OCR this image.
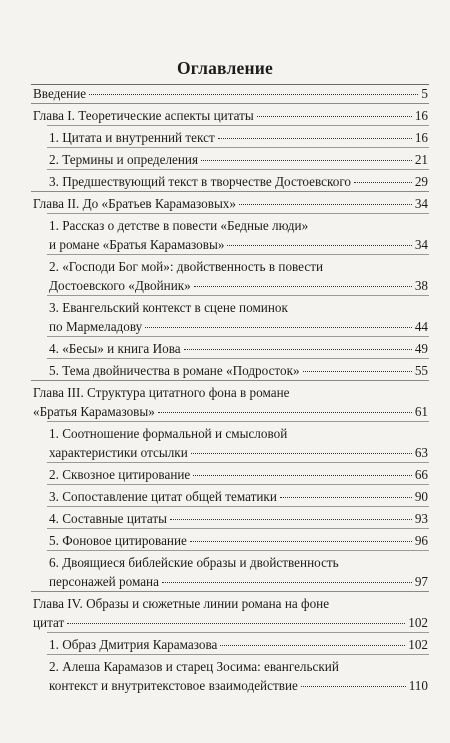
Оглавление
Введение	5
Глава I. Теоретические аспекты цитаты	16
1. Цитата и внутренний текст	16
2. Термины и определения	21
3. Предшествующий текст в творчестве Достоевского	29
Глава II. До «Братьев Карамазовых»	34
1. Рассказ о детстве в повести «Бедные люди»
и романе «Братья Карамазовы»	34
2. «Господи Бог мой»: двойственность в повести
Достоевского «Двойник»	38
3. Евангельский контекст в сцене поминок
по Мармеладову	44
4. «Бесы» и книга Иова	49
5. Тема двойничества в романе «Подросток»	55
Глава III. Структура цитатного фона в романе
«Братья Карамазовы»	61
1. Соотношение формальной и смысловой
характеристики отсылки	63
2. Сквозное цитирование	66
3. Сопоставление цитат общей тематики	90
4. Составные цитаты	93
5. Фоновое цитирование	96
6. Двоящиеся библейские образы и двойственность
персонажей романа	97
Глава IV. Образы и сюжетные линии романа на фоне
цитат	102
1. Образ Дмитрия Карамазова	102
2. Алеша Карамазов и старец Зосима: евангельский
контекст и внутритекстовое взаимодействие	110
